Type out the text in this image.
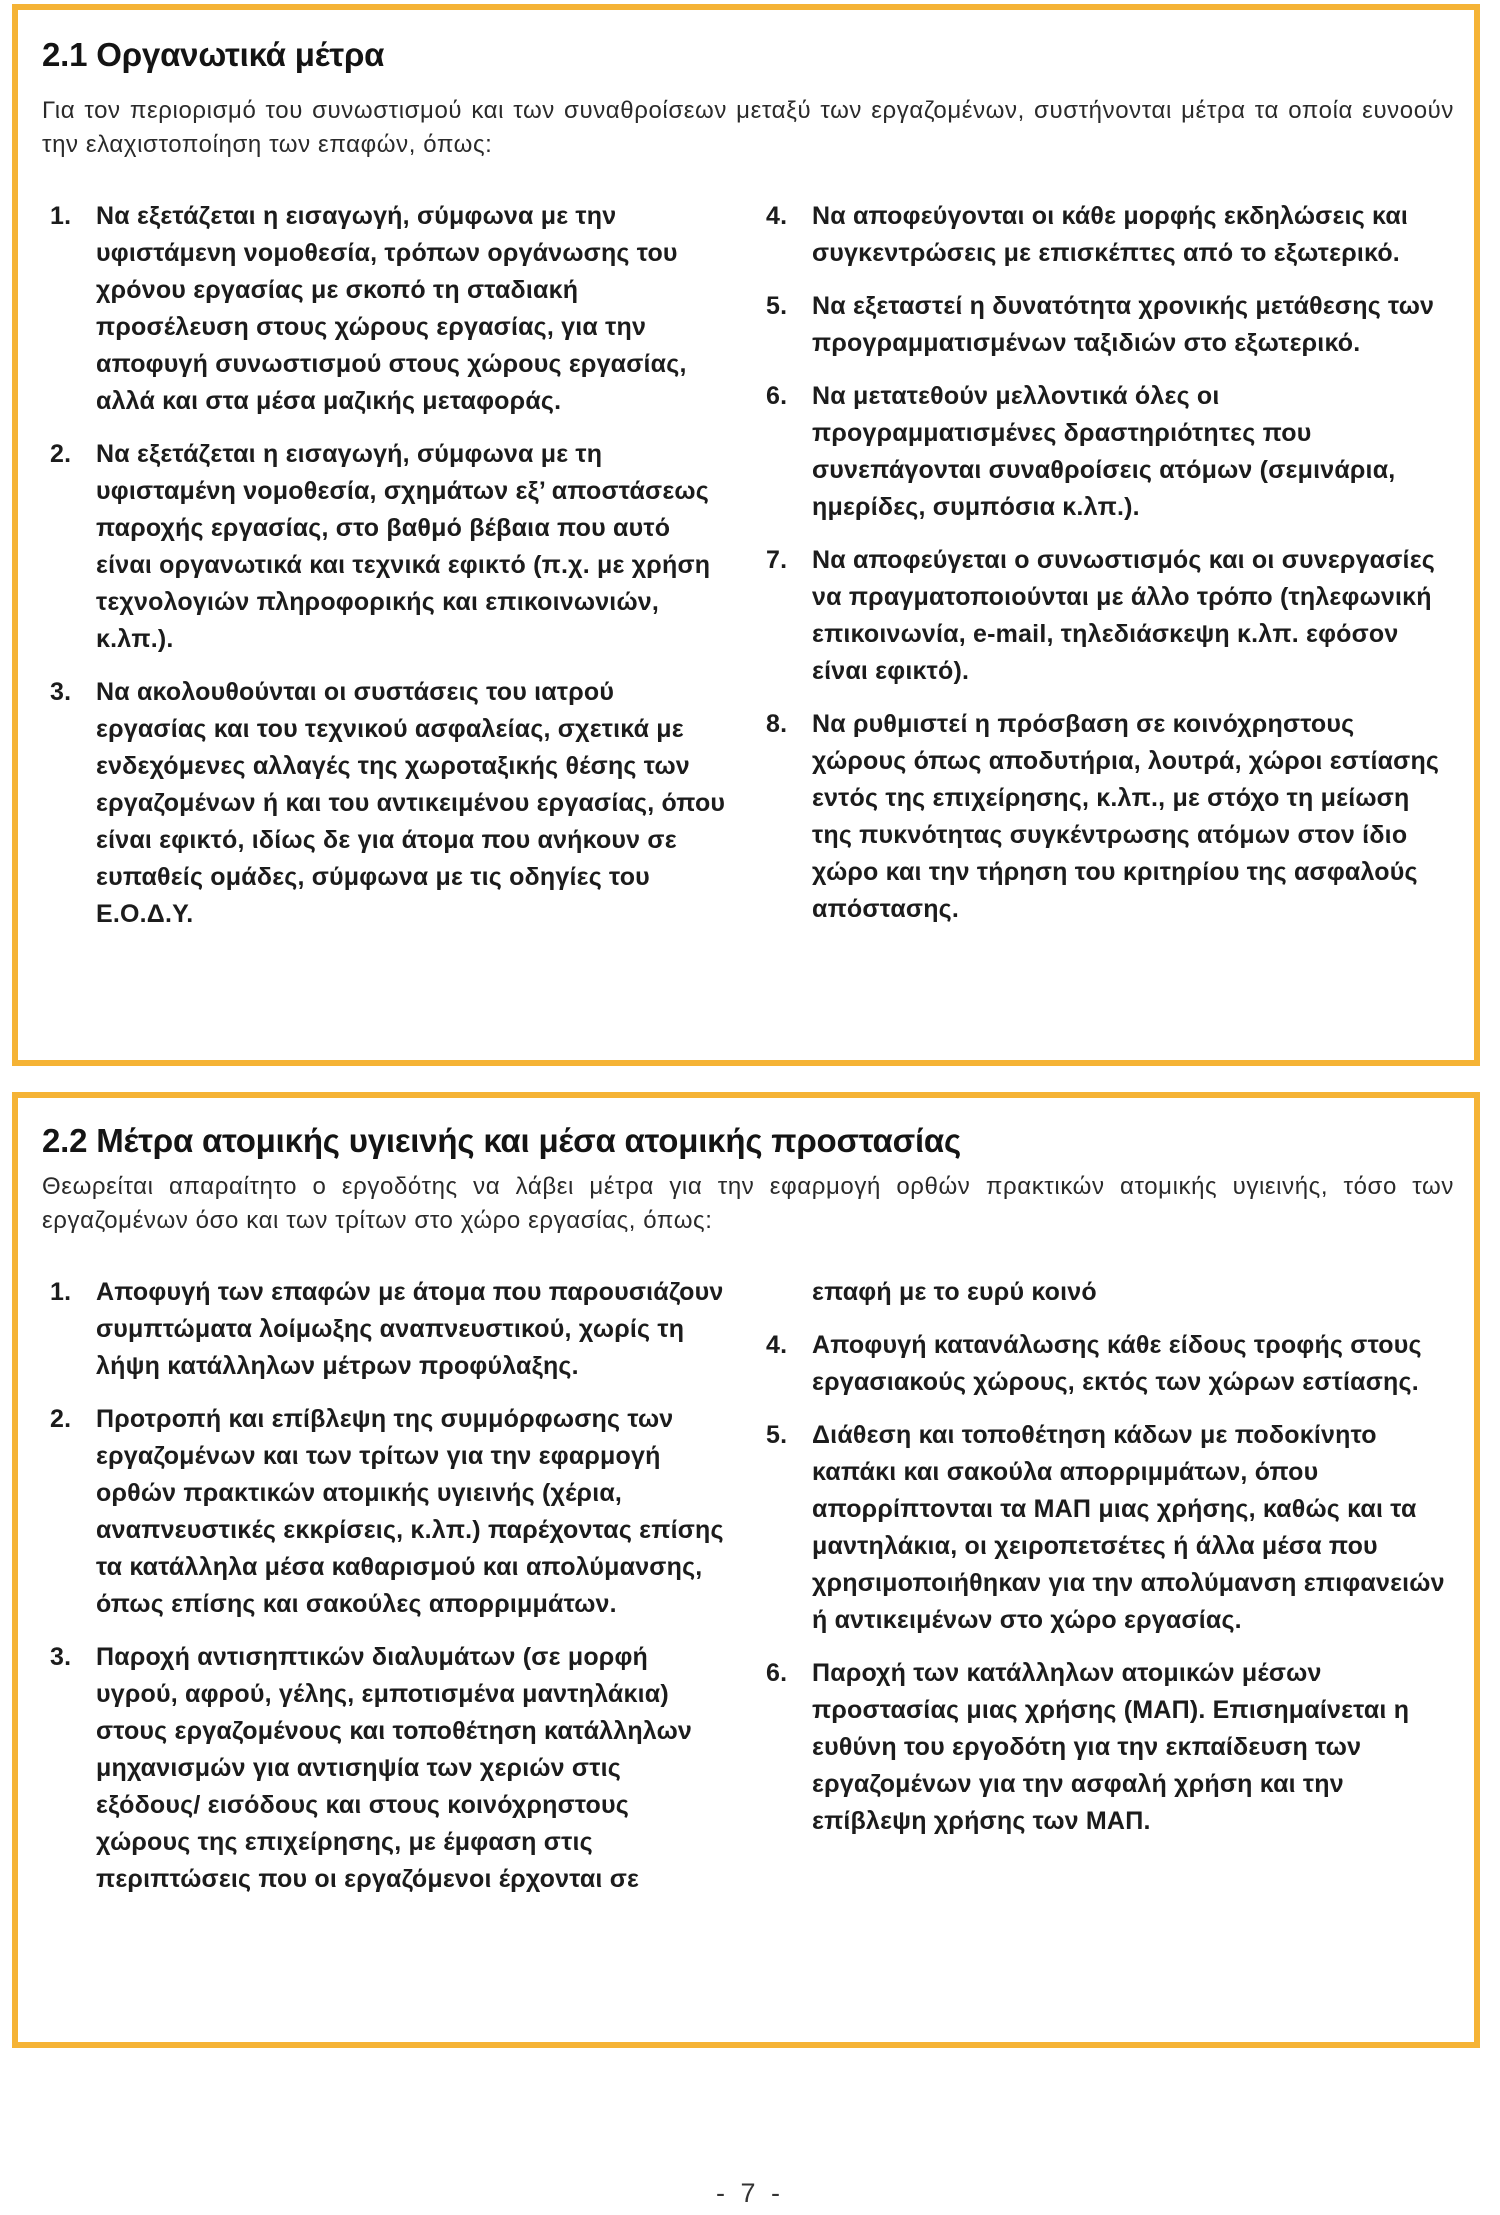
2.1 Οργανωτικά μέτρα

Για τον περιορισμό του συνωστισμού και των συναθροίσεων μεταξύ των εργαζομένων, συστήνονται μέτρα τα οποία ευνοούν την ελαχιστοποίηση των επαφών, όπως:

1. Να εξετάζεται η εισαγωγή, σύμφωνα με την υφιστάμενη νομοθεσία, τρόπων οργάνωσης του χρόνου εργασίας με σκοπό τη σταδιακή προσέλευση στους χώρους εργασίας, για την αποφυγή συνωστισμού στους χώρους εργασίας, αλλά και στα μέσα μαζικής μεταφοράς.
2. Να εξετάζεται η εισαγωγή, σύμφωνα με τη υφισταμένη νομοθεσία, σχημάτων εξ’ αποστάσεως παροχής εργασίας, στο βαθμό βέβαια που αυτό είναι οργανωτικά και τεχνικά εφικτό (π.χ. με χρήση τεχνολογιών πληροφορικής και επικοινωνιών, κ.λπ.).
3. Να ακολουθούνται οι συστάσεις του ιατρού εργασίας και του τεχνικού ασφαλείας, σχετικά με ενδεχόμενες αλλαγές της χωροταξικής θέσης των εργαζομένων ή και του αντικειμένου εργασίας, όπου είναι εφικτό, ιδίως δε για άτομα που ανήκουν σε ευπαθείς ομάδες, σύμφωνα με τις οδηγίες του Ε.Ο.Δ.Υ.
4. Να αποφεύγονται οι κάθε μορφής εκδηλώσεις και συγκεντρώσεις με επισκέπτες από το εξωτερικό.
5. Να εξεταστεί η δυνατότητα χρονικής μετάθεσης των προγραμματισμένων ταξιδιών στο εξωτερικό.
6. Να μετατεθούν μελλοντικά όλες οι προγραμματισμένες δραστηριότητες που συνεπάγονται συναθροίσεις ατόμων (σεμινάρια, ημερίδες, συμπόσια κ.λπ.).
7. Να αποφεύγεται ο συνωστισμός και οι συνεργασίες να πραγματοποιούνται με άλλο τρόπο (τηλεφωνική επικοινωνία, e-mail, τηλεδιάσκεψη κ.λπ. εφόσον είναι εφικτό).
8. Να ρυθμιστεί η πρόσβαση σε κοινόχρηστους χώρους όπως αποδυτήρια, λουτρά, χώροι εστίασης εντός της επιχείρησης, κ.λπ., με στόχο τη μείωση της πυκνότητας συγκέντρωσης ατόμων στον ίδιο χώρο και την τήρηση του κριτηρίου της ασφαλούς απόστασης.
2.2 Μέτρα ατομικής υγιεινής και μέσα ατομικής προστασίας

Θεωρείται απαραίτητο ο εργοδότης να λάβει μέτρα για την εφαρμογή ορθών πρακτικών ατομικής υγιεινής, τόσο των εργαζομένων όσο και των τρίτων στο χώρο εργασίας, όπως:

1. Αποφυγή των επαφών με άτομα που παρουσιάζουν συμπτώματα λοίμωξης αναπνευστικού, χωρίς τη λήψη κατάλληλων μέτρων προφύλαξης.
2. Προτροπή και επίβλεψη της συμμόρφωσης των εργαζομένων και των τρίτων για την εφαρμογή ορθών πρακτικών ατομικής υγιεινής (χέρια, αναπνευστικές εκκρίσεις, κ.λπ.) παρέχοντας επίσης τα κατάλληλα μέσα καθαρισμού και απολύμανσης, όπως επίσης και σακούλες απορριμμάτων.
3. Παροχή αντισηπτικών διαλυμάτων (σε μορφή υγρού, αφρού, γέλης, εμποτισμένα μαντηλάκια) στους εργαζομένους και τοποθέτηση κατάλληλων μηχανισμών για αντισηψία των χεριών στις εξόδους/ εισόδους και στους κοινόχρηστους χώρους της επιχείρησης, με έμφαση στις περιπτώσεις που οι εργαζόμενοι έρχονται σε
επαφή με το ευρύ κοινό
4. Αποφυγή κατανάλωσης κάθε είδους τροφής στους εργασιακούς χώρους, εκτός των χώρων εστίασης.
5. Διάθεση και τοποθέτηση κάδων με ποδοκίνητο καπάκι και σακούλα απορριμμάτων, όπου απορρίπτονται τα ΜΑΠ μιας χρήσης, καθώς και τα μαντηλάκια, οι χειροπετσέτες ή άλλα μέσα που χρησιμοποιήθηκαν για την απολύμανση επιφανειών ή αντικειμένων στο χώρο εργασίας.
6. Παροχή των κατάλληλων ατομικών μέσων προστασίας μιας χρήσης (ΜΑΠ). Επισημαίνεται η ευθύνη του εργοδότη για την εκπαίδευση των εργαζομένων για την ασφαλή χρήση και την επίβλεψη χρήσης των ΜΑΠ.
- 7 -
